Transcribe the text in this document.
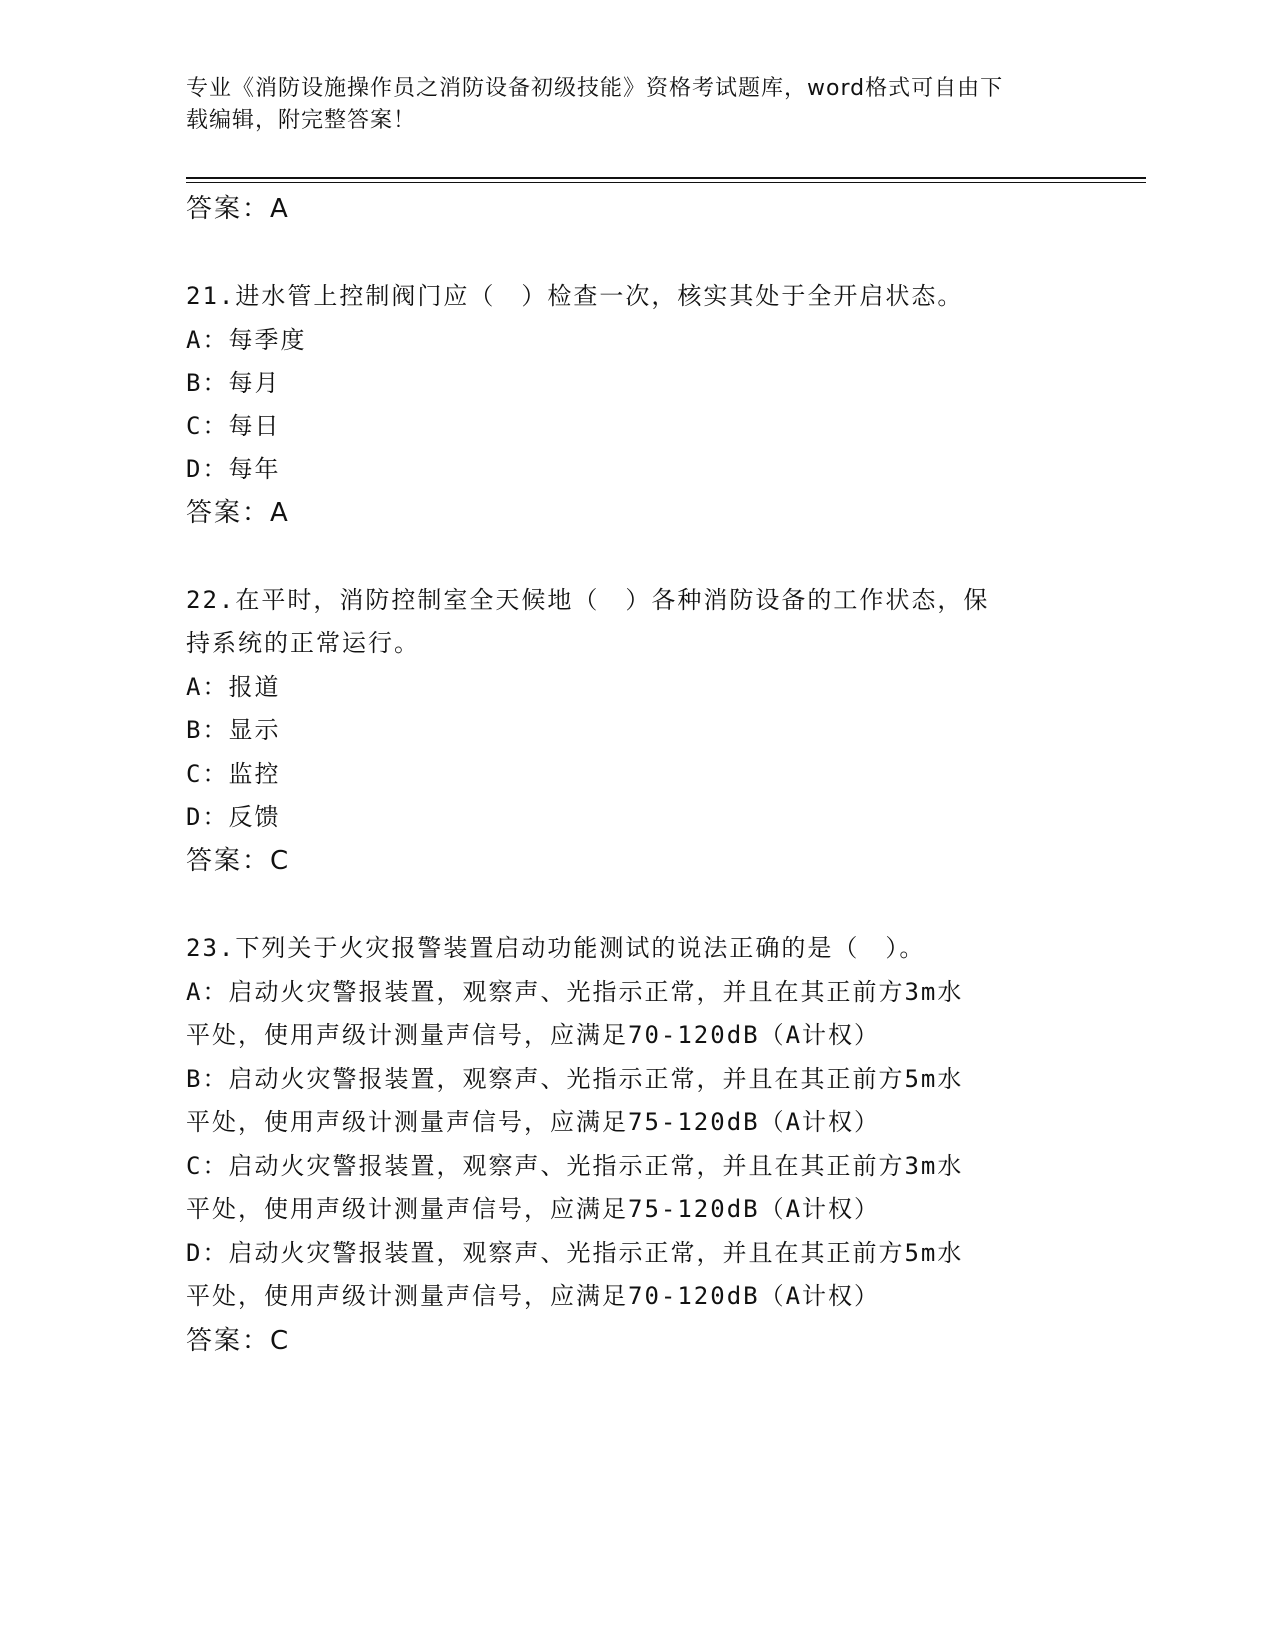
专业《消防设施操作员之消防设备初级技能》资格考试题库，word格式可自由下
载编辑，附完整答案！
答案：A
21.进水管上控制阀门应（　）检查一次，核实其处于全开启状态。
A：每季度
B：每月
C：每日
D：每年
答案：A
22.在平时，消防控制室全天候地（　）各种消防设备的工作状态，保
持系统的正常运行。
A：报道
B：显示
C：监控
D：反馈
答案：C
23.下列关于火灾报警装置启动功能测试的说法正确的是（　）。
A：启动火灾警报装置，观察声、光指示正常，并且在其正前方3m水
平处，使用声级计测量声信号，应满足70-120dB（A计权）
B：启动火灾警报装置，观察声、光指示正常，并且在其正前方5m水
平处，使用声级计测量声信号，应满足75-120dB（A计权）
C：启动火灾警报装置，观察声、光指示正常，并且在其正前方3m水
平处，使用声级计测量声信号，应满足75-120dB（A计权）
D：启动火灾警报装置，观察声、光指示正常，并且在其正前方5m水
平处，使用声级计测量声信号，应满足70-120dB（A计权）
答案：C
